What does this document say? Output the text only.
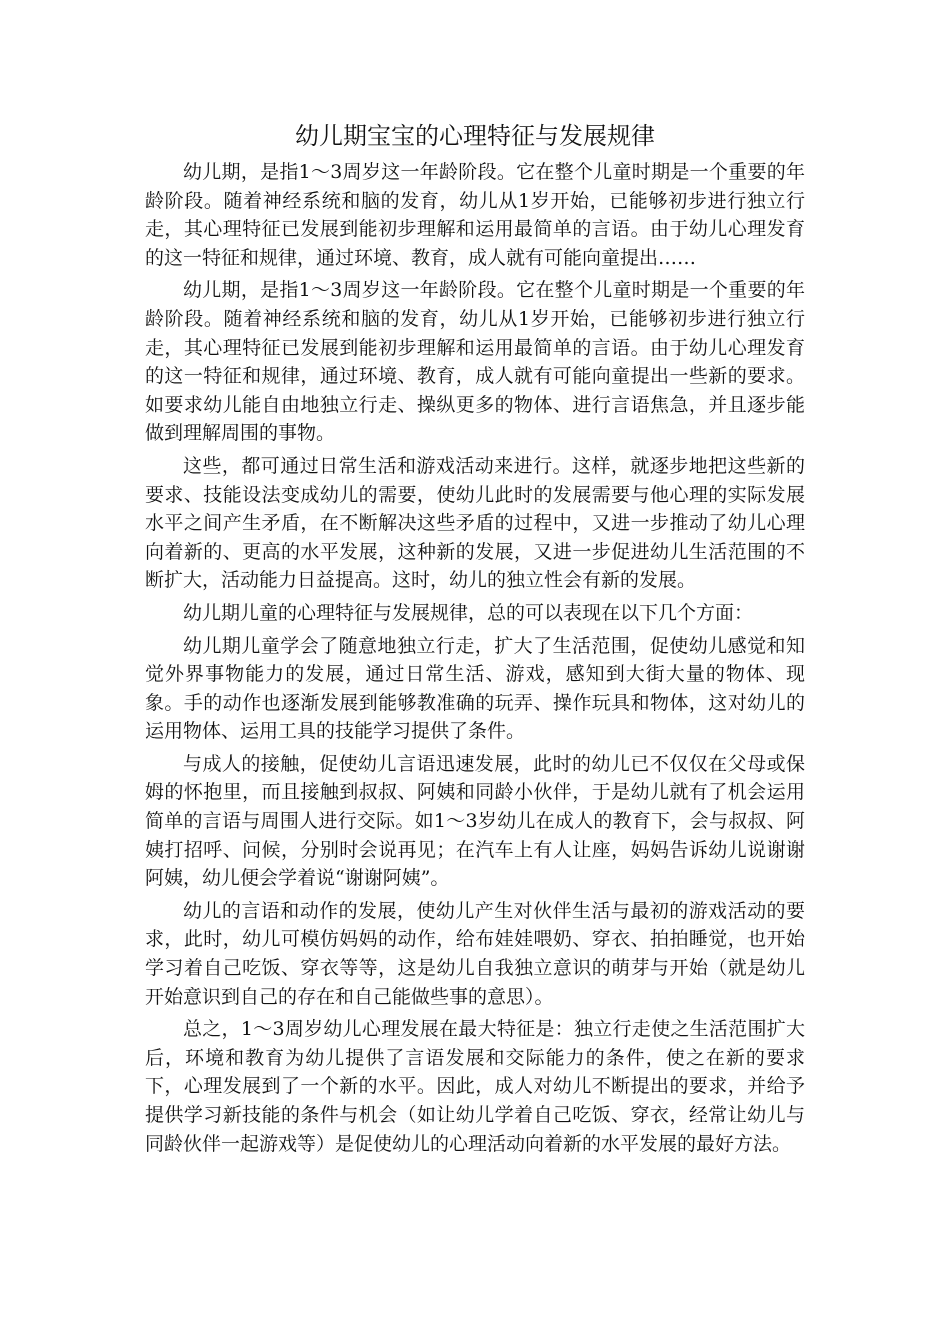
幼儿期宝宝的心理特征与发展规律

幼儿期，是指1～3周岁这一年龄阶段。它在整个儿童时期是一个重要的年龄阶段。随着神经系统和脑的发育，幼儿从1岁开始，已能够初步进行独立行走，其心理特征已发展到能初步理解和运用最简单的言语。由于幼儿心理发育的这一特征和规律，通过环境、教育，成人就有可能向童提出……

幼儿期，是指1～3周岁这一年龄阶段。它在整个儿童时期是一个重要的年龄阶段。随着神经系统和脑的发育，幼儿从1岁开始，已能够初步进行独立行走，其心理特征已发展到能初步理解和运用最简单的言语。由于幼儿心理发育的这一特征和规律，通过环境、教育，成人就有可能向童提出一些新的要求。如要求幼儿能自由地独立行走、操纵更多的物体、进行言语焦急，并且逐步能做到理解周围的事物。

这些，都可通过日常生活和游戏活动来进行。这样，就逐步地把这些新的要求、技能设法变成幼儿的需要，使幼儿此时的发展需要与他心理的实际发展水平之间产生矛盾，在不断解决这些矛盾的过程中，又进一步推动了幼儿心理向着新的、更高的水平发展，这种新的发展，又进一步促进幼儿生活范围的不断扩大，活动能力日益提高。这时，幼儿的独立性会有新的发展。

幼儿期儿童的心理特征与发展规律，总的可以表现在以下几个方面：

幼儿期儿童学会了随意地独立行走，扩大了生活范围，促使幼儿感觉和知觉外界事物能力的发展，通过日常生活、游戏，感知到大街大量的物体、现象。手的动作也逐渐发展到能够教准确的玩弄、操作玩具和物体，这对幼儿的运用物体、运用工具的技能学习提供了条件。

与成人的接触，促使幼儿言语迅速发展，此时的幼儿已不仅仅在父母或保姆的怀抱里，而且接触到叔叔、阿姨和同龄小伙伴，于是幼儿就有了机会运用简单的言语与周围人进行交际。如1～3岁幼儿在成人的教育下，会与叔叔、阿姨打招呼、问候，分别时会说再见；在汽车上有人让座，妈妈告诉幼儿说谢谢阿姨，幼儿便会学着说“谢谢阿姨”。

幼儿的言语和动作的发展，使幼儿产生对伙伴生活与最初的游戏活动的要求，此时，幼儿可模仿妈妈的动作，给布娃娃喂奶、穿衣、拍拍睡觉，也开始学习着自己吃饭、穿衣等等，这是幼儿自我独立意识的萌芽与开始（就是幼儿开始意识到自己的存在和自己能做些事的意思）。

总之，1～3周岁幼儿心理发展在最大特征是：独立行走使之生活范围扩大后，环境和教育为幼儿提供了言语发展和交际能力的条件，使之在新的要求下，心理发展到了一个新的水平。因此，成人对幼儿不断提出的要求，并给予提供学习新技能的条件与机会（如让幼儿学着自己吃饭、穿衣，经常让幼儿与同龄伙伴一起游戏等）是促使幼儿的心理活动向着新的水平发展的最好方法。
